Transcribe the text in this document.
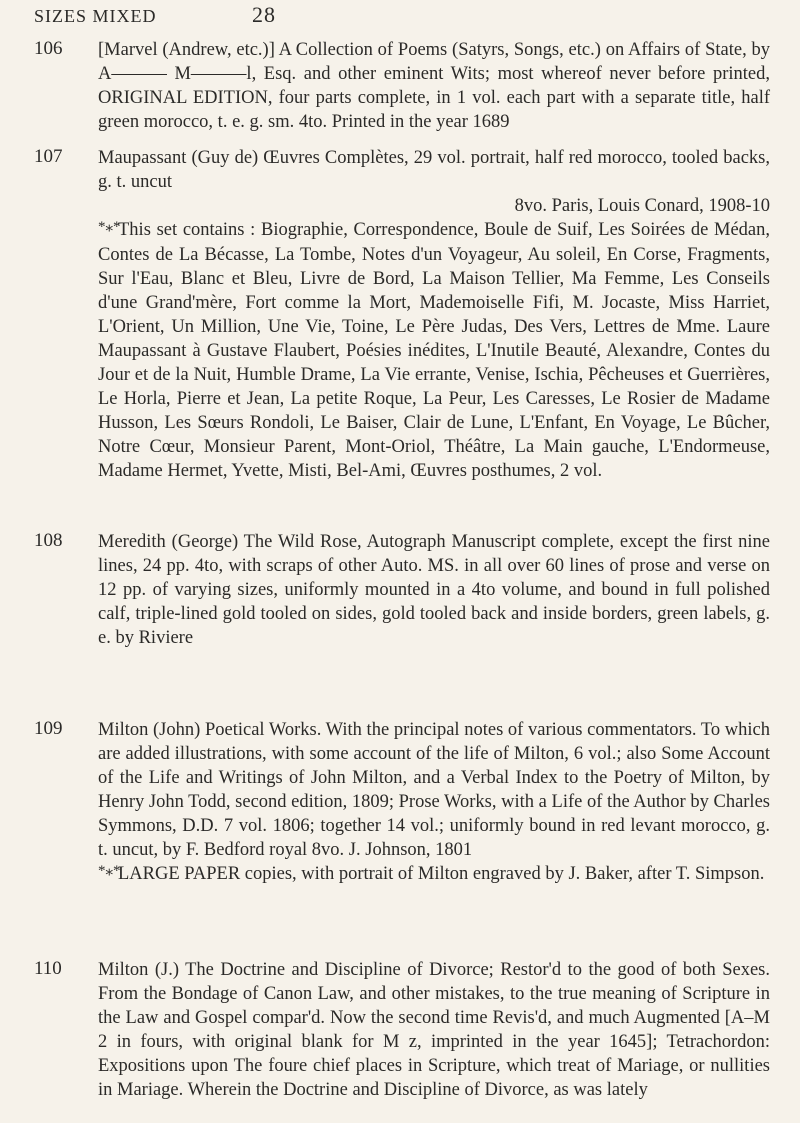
SIZES MIXED	28
106 [Marvel (Andrew, etc.)] A Collection of Poems (Satyrs, Songs, etc.) on Affairs of State, by A——— M———l, Esq. and other eminent Wits; most whereof never before printed, ORIGINAL EDITION, four parts complete, in 1 vol. each part with a separate title, half green morocco, t. e. g. sm. 4to. Printed in the year 1689

107 Maupassant (Guy de) Œuvres Complètes, 29 vol. portrait, half red morocco, tooled backs, g. t. uncut

8vo. Paris, Louis Conard, 1908-10

*⁎*This set contains : Biographie, Correspondence, Boule de Suif, Les Soirées de Médan, Contes de La Bécasse, La Tombe, Notes d'un Voyageur, Au soleil, En Corse, Fragments, Sur l'Eau, Blanc et Bleu, Livre de Bord, La Maison Tellier, Ma Femme, Les Conseils d'une Grand'mère, Fort comme la Mort, Mademoiselle Fifi, M. Jocaste, Miss Harriet, L'Orient, Un Million, Une Vie, Toine, Le Père Judas, Des Vers, Lettres de Mme. Laure Maupassant à Gustave Flaubert, Poésies inédites, L'Inutile Beauté, Alexandre, Contes du Jour et de la Nuit, Humble Drame, La Vie errante, Venise, Ischia, Pêcheuses et Guerrières, Le Horla, Pierre et Jean, La petite Roque, La Peur, Les Caresses, Le Rosier de Madame Husson, Les Sœurs Rondoli, Le Baiser, Clair de Lune, L'Enfant, En Voyage, Le Bûcher, Notre Cœur, Monsieur Parent, Mont-Oriol, Théâtre, La Main gauche, L'Endormeuse, Madame Hermet, Yvette, Misti, Bel-Ami, Œuvres posthumes, 2 vol.

108 Meredith (George) The Wild Rose, Autograph Manuscript complete, except the first nine lines, 24 pp. 4to, with scraps of other Auto. MS. in all over 60 lines of prose and verse on 12 pp. of varying sizes, uniformly mounted in a 4to volume, and bound in full polished calf, triple-lined gold tooled on sides, gold tooled back and inside borders, green labels, g. e. by Riviere

109 Milton (John) Poetical Works. With the principal notes of various commentators. To which are added illustrations, with some account of the life of Milton, 6 vol.; also Some Account of the Life and Writings of John Milton, and a Verbal Index to the Poetry of Milton, by Henry John Todd, second edition, 1809; Prose Works, with a Life of the Author by Charles Symmons, D.D. 7 vol. 1806; together 14 vol.; uniformly bound in red levant morocco, g. t. uncut, by F. Bedford royal 8vo. J. Johnson, 1801

*⁎*LARGE PAPER copies, with portrait of Milton engraved by J. Baker, after T. Simpson.

110 Milton (J.) The Doctrine and Discipline of Divorce; Restor'd to the good of both Sexes. From the Bondage of Canon Law, and other mistakes, to the true meaning of Scripture in the Law and Gospel compar'd. Now the second time Revis'd, and much Augmented [A–M 2 in fours, with original blank for M z, imprinted in the year 1645]; Tetrachordon: Expositions upon The foure chief places in Scripture, which treat of Mariage, or nullities in Mariage. Wherein the Doctrine and Discipline of Divorce, as was lately
